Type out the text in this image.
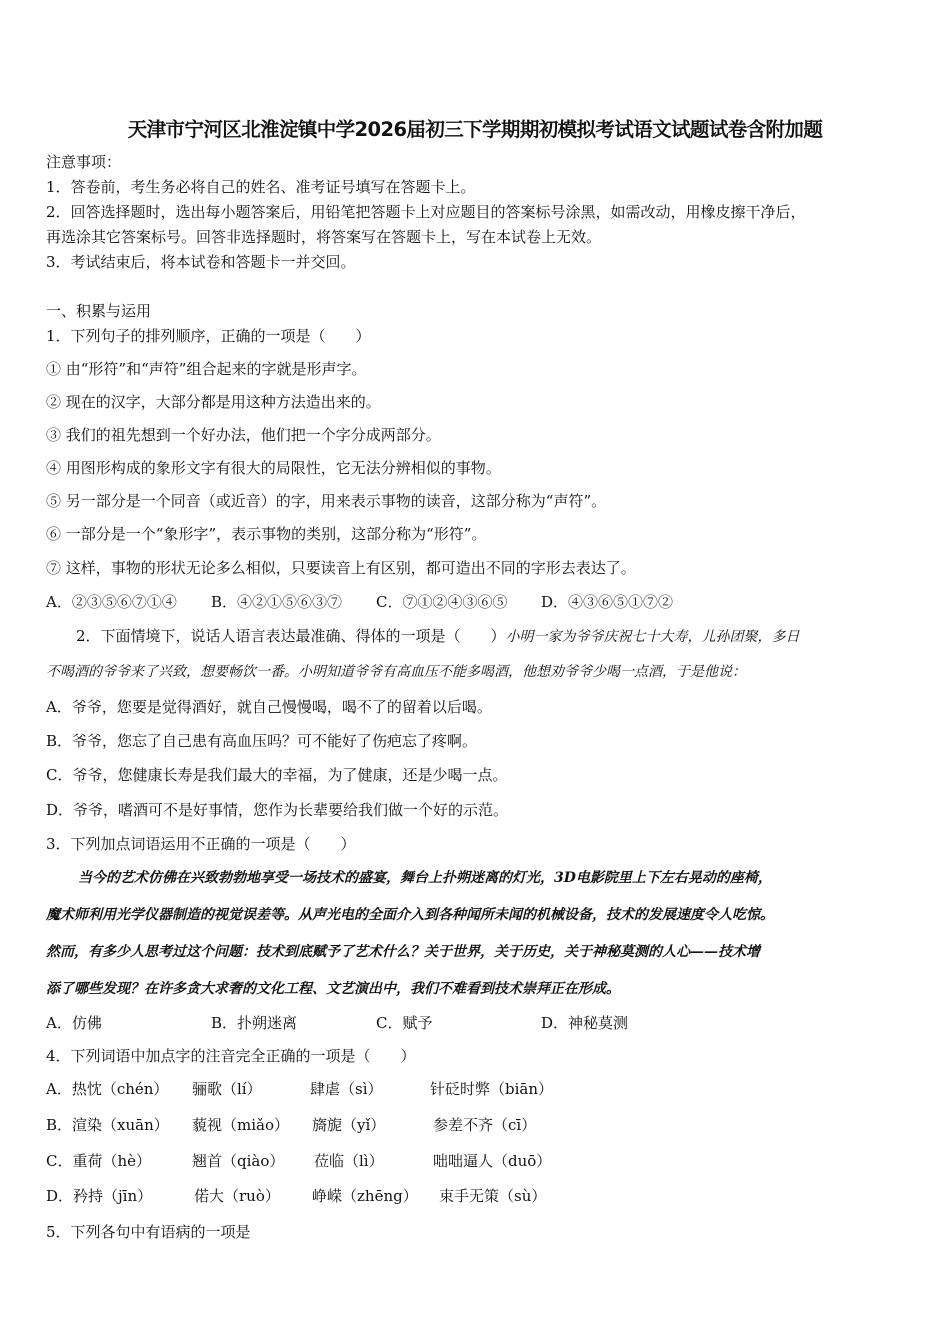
天津市宁河区北淮淀镇中学2026届初三下学期期初模拟考试语文试题试卷含附加题
注意事项：
1．答卷前，考生务必将自己的姓名、准考证号填写在答题卡上。
2．回答选择题时，选出每小题答案后，用铅笔把答题卡上对应题目的答案标号涂黑，如需改动，用橡皮擦干净后，
再选涂其它答案标号。回答非选择题时，将答案写在答题卡上，写在本试卷上无效。
3．考试结束后，将本试卷和答题卡一并交回。
一、积累与运用
1．下列句子的排列顺序，正确的一项是（　　）
① 由“形符”和“声符”组合起来的字就是形声字。
② 现在的汉字，大部分都是用这种方法造出来的。
③ 我们的祖先想到一个好办法，他们把一个字分成两部分。
④ 用图形构成的象形文字有很大的局限性，它无法分辨相似的事物。
⑤ 另一部分是一个同音（或近音）的字，用来表示事物的读音，这部分称为“声符”。
⑥ 一部分是一个“象形字”，表示事物的类别，这部分称为“形符”。
⑦ 这样，事物的形状无论多么相似，只要读音上有区别，都可造出不同的字形去表达了。
A．②③⑤⑥⑦①④ B．④②①⑤⑥③⑦ C．⑦①②④③⑥⑤ D．④③⑥⑤①⑦②
2．下面情境下，说话人语言表达最准确、得体的一项是（　　）小明一家为爷爷庆祝七十大寿，儿孙团聚，多日
不喝酒的爷爷来了兴致，想要畅饮一番。小明知道爷爷有高血压不能多喝酒，他想劝爷爷少喝一点酒，于是他说：
A．爷爷，您要是觉得酒好，就自己慢慢喝，喝不了的留着以后喝。
B．爷爷，您忘了自己患有高血压吗？可不能好了伤疤忘了疼啊。
C．爷爷，您健康长寿是我们最大的幸福，为了健康，还是少喝一点。
D．爷爷，嗜酒可不是好事情，您作为长辈要给我们做一个好的示范。
3．下列加点词语运用不正确的一项是（　　）
当今的艺术仿佛在兴致勃勃地享受一场技术的盛宴，舞台上扑朔迷离的灯光，3D电影院里上下左右晃动的座椅，
魔术师利用光学仪器制造的视觉误差等。从声光电的全面介入到各种闻所未闻的机械设备，技术的发展速度令人吃惊。
然而，有多少人思考过这个问题：技术到底赋予了艺术什么？关于世界，关于历史，关于神秘莫测的人心——技术增
添了哪些发现？在许多贪大求奢的文化工程、文艺演出中，我们不难看到技术崇拜正在形成。
A．仿佛	B．扑朔迷离	C．赋予	D．神秘莫测
4．下列词语中加点字的注音完全正确的一项是（　　）
A．热忱（chén） 骊歌（lí）	肆虐（sì）	针砭时弊（biān）
B．渲染（xuān） 藐视（miǎo） 旖旎（yǐ）	参差不齐（cī）
C．重荷（hè）	翘首（qiào） 莅临（lì）	咄咄逼人（duō）
D．矜持（jīn）	偌大（ruò） 峥嵘（zhēng） 束手无策（sù）
5．下列各句中有语病的一项是
